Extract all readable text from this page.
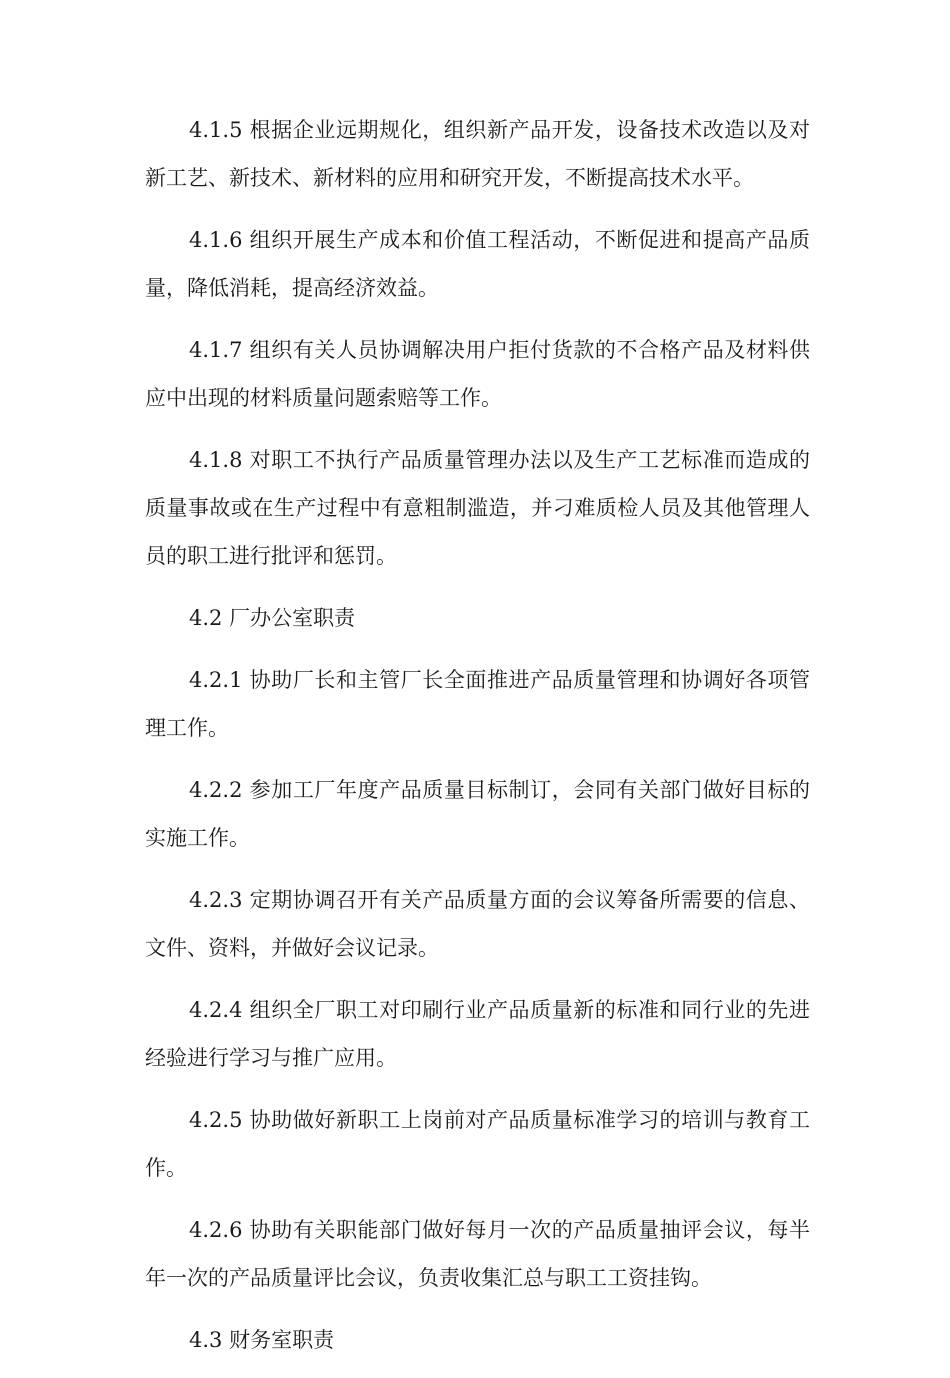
4.1.5 根据企业远期规化，组织新产品开发，设备技术改造以及对新工艺、新技术、新材料的应用和研究开发，不断提高技术水平。

4.1.6 组织开展生产成本和价值工程活动，不断促进和提高产品质量，降低消耗，提高经济效益。

4.1.7 组织有关人员协调解决用户拒付货款的不合格产品及材料供应中出现的材料质量问题索赔等工作。

4.1.8 对职工不执行产品质量管理办法以及生产工艺标准而造成的质量事故或在生产过程中有意粗制滥造，并刁难质检人员及其他管理人员的职工进行批评和惩罚。

4.2 厂办公室职责

4.2.1 协助厂长和主管厂长全面推进产品质量管理和协调好各项管理工作。

4.2.2 参加工厂年度产品质量目标制订，会同有关部门做好目标的实施工作。

4.2.3 定期协调召开有关产品质量方面的会议筹备所需要的信息、文件、资料，并做好会议记录。

4.2.4 组织全厂职工对印刷行业产品质量新的标准和同行业的先进经验进行学习与推广应用。

4.2.5 协助做好新职工上岗前对产品质量标准学习的培训与教育工作。

4.2.6 协助有关职能部门做好每月一次的产品质量抽评会议，每半年一次的产品质量评比会议，负责收集汇总与职工工资挂钩。

4.3 财务室职责
